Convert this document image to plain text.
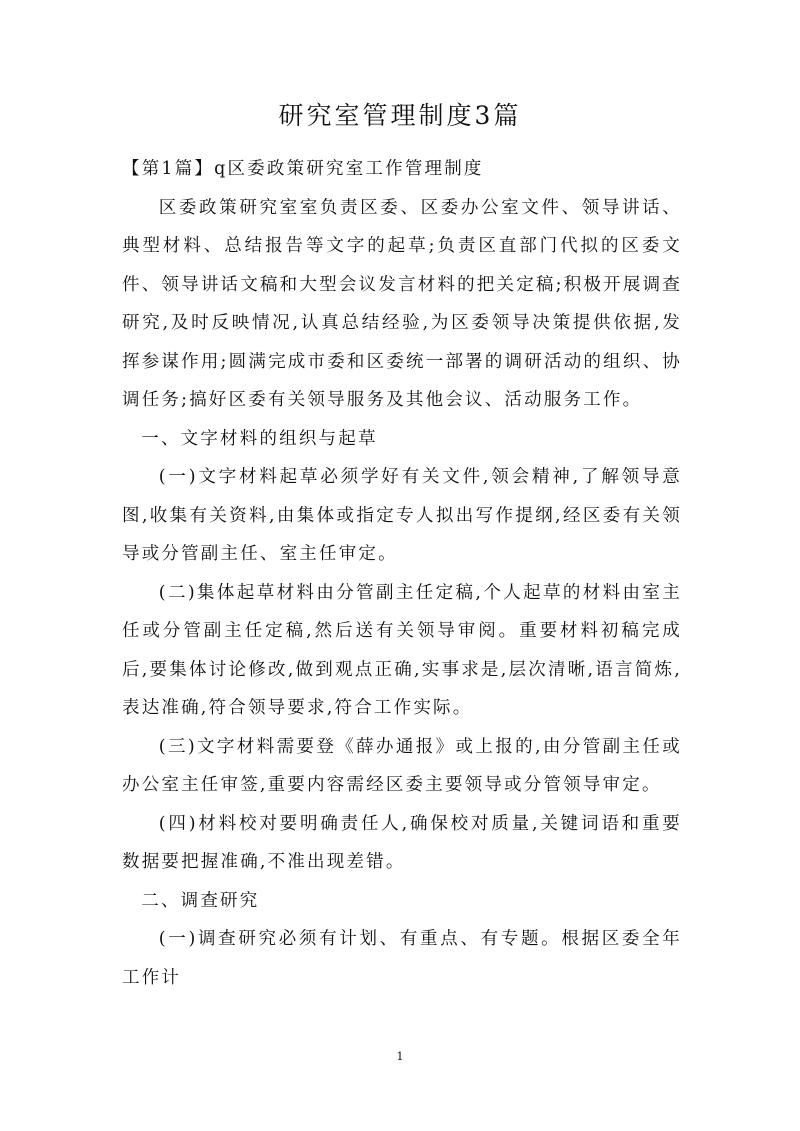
研究室管理制度3篇

【第1篇】q区委政策研究室工作管理制度

区委政策研究室室负责区委、区委办公室文件、领导讲话、典型材料、总结报告等文字的起草;负责区直部门代拟的区委文件、领导讲话文稿和大型会议发言材料的把关定稿;积极开展调查研究,及时反映情况,认真总结经验,为区委领导决策提供依据,发挥参谋作用;圆满完成市委和区委统一部署的调研活动的组织、协调任务;搞好区委有关领导服务及其他会议、活动服务工作。

一、文字材料的组织与起草

(一)文字材料起草必须学好有关文件,领会精神,了解领导意图,收集有关资料,由集体或指定专人拟出写作提纲,经区委有关领导或分管副主任、室主任审定。

(二)集体起草材料由分管副主任定稿,个人起草的材料由室主任或分管副主任定稿,然后送有关领导审阅。重要材料初稿完成后,要集体讨论修改,做到观点正确,实事求是,层次清晰,语言简炼,表达准确,符合领导要求,符合工作实际。

(三)文字材料需要登《薛办通报》或上报的,由分管副主任或办公室主任审签,重要内容需经区委主要领导或分管领导审定。

(四)材料校对要明确责任人,确保校对质量,关键词语和重要数据要把握准确,不准出现差错。

二、调查研究

(一)调查研究必须有计划、有重点、有专题。根据区委全年工作计

1
